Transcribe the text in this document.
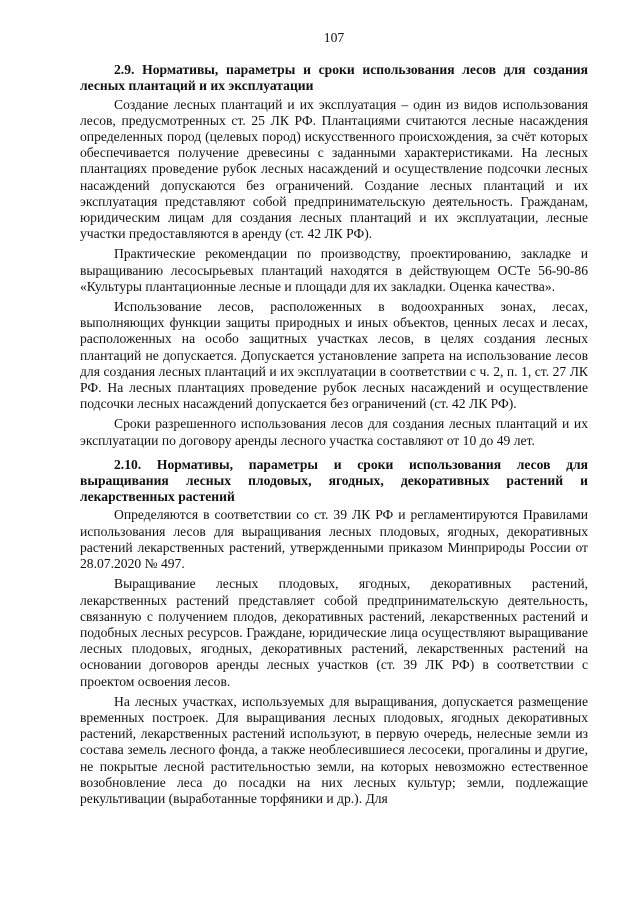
107

2.9. Нормативы, параметры и сроки использования лесов для создания лесных плантаций и их эксплуатации

Создание лесных плантаций и их эксплуатация – один из видов использования лесов, предусмотренных ст. 25 ЛК РФ. Плантациями считаются лесные насаждения определенных пород (целевых пород) искусственного происхождения, за счёт которых обеспечивается получение древесины с заданными характеристиками. На лесных плантациях проведение рубок лесных насаждений и осуществление подсочки лесных насаждений допускаются без ограничений. Создание лесных плантаций и их эксплуатация представляют собой предпринимательскую деятельность. Гражданам, юридическим лицам для создания лесных плантаций и их эксплуатации, лесные участки предоставляются в аренду (ст. 42 ЛК РФ).

Практические рекомендации по производству, проектированию, закладке и выращиванию лесосырьевых плантаций находятся в действующем ОСТе 56-90-86 «Культуры плантационные лесные и площади для их закладки. Оценка качества».

Использование лесов, расположенных в водоохранных зонах, лесах, выполняющих функции защиты природных и иных объектов, ценных лесах и лесах, расположенных на особо защитных участках лесов, в целях создания лесных плантаций не допускается. Допускается установление запрета на использование лесов для создания лесных плантаций и их эксплуатации в соответствии с ч. 2, п. 1, ст. 27 ЛК РФ. На лесных плантациях проведение рубок лесных насаждений и осуществление подсочки лесных насаждений допускается без ограничений (ст. 42 ЛК РФ).

Сроки разрешенного использования лесов для создания лесных плантаций и их эксплуатации по договору аренды лесного участка составляют от 10 до 49 лет.

2.10. Нормативы, параметры и сроки использования лесов для выращивания лесных плодовых, ягодных, декоративных растений и лекарственных растений

Определяются в соответствии со ст. 39 ЛК РФ и регламентируются Правилами использования лесов для выращивания лесных плодовых, ягодных, декоративных растений лекарственных растений, утвержденными приказом Минприроды России от 28.07.2020 № 497.

Выращивание лесных плодовых, ягодных, декоративных растений, лекарственных растений представляет собой предпринимательскую деятельность, связанную с получением плодов, декоративных растений, лекарственных растений и подобных лесных ресурсов. Граждане, юридические лица осуществляют выращивание лесных плодовых, ягодных, декоративных растений, лекарственных растений на основании договоров аренды лесных участков (ст. 39 ЛК РФ) в соответствии с проектом освоения лесов.

На лесных участках, используемых для выращивания, допускается размещение временных построек. Для выращивания лесных плодовых, ягодных декоративных растений, лекарственных растений используют, в первую очередь, нелесные земли из состава земель лесного фонда, а также необлесившиеся лесосеки, прогалины и другие, не покрытые лесной растительностью земли, на которых невозможно естественное возобновление леса до посадки на них лесных культур; земли, подлежащие рекультивации (выработанные торфяники и др.). Для
